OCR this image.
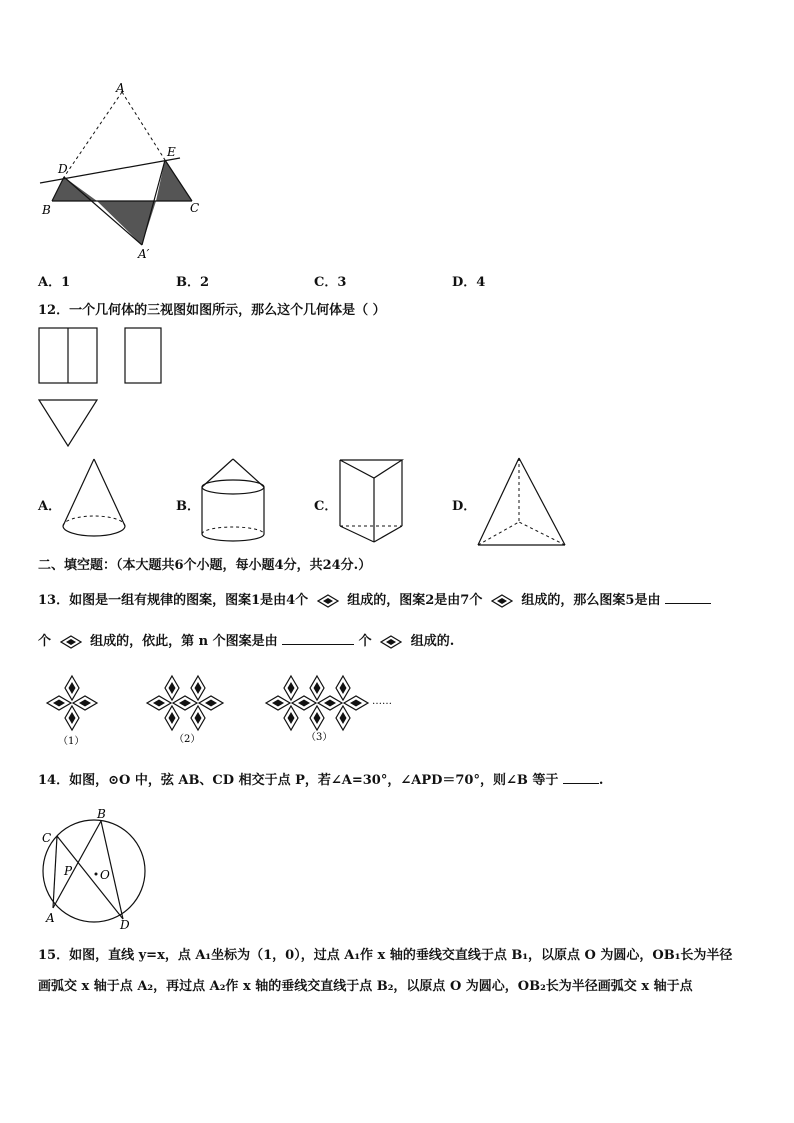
A
E
D
B	C
A′
A．1	B．2	C．3	D．4
12．一个几何体的三视图如图所示，那么这个几何体是（ ）
A．	B．	C．	D．
二、填空题：（本大题共6个小题，每小题4分，共24分.）
13．如图是一组有规律的图案，图案1是由4个	组成的，图案2是由7个	组成的，那么图案5是由
个	组成的，依此，第 n 个图案是由	个	组成的.
……
（1）	（2）	（3）
14．如图，⊙O 中，弦 AB、CD 相交于点 P，若∠A=30°，∠APD＝70°，则∠B 等于	.
B
C
P O
A	D
15．如图，直线 y=x，点 A₁坐标为（1，0），过点 A₁作 x 轴的垂线交直线于点 B₁，以原点 O 为圆心，OB₁长为半径
画弧交 x 轴于点 A₂，再过点 A₂作 x 轴的垂线交直线于点 B₂，以原点 O 为圆心，OB₂长为半径画弧交 x 轴于点
